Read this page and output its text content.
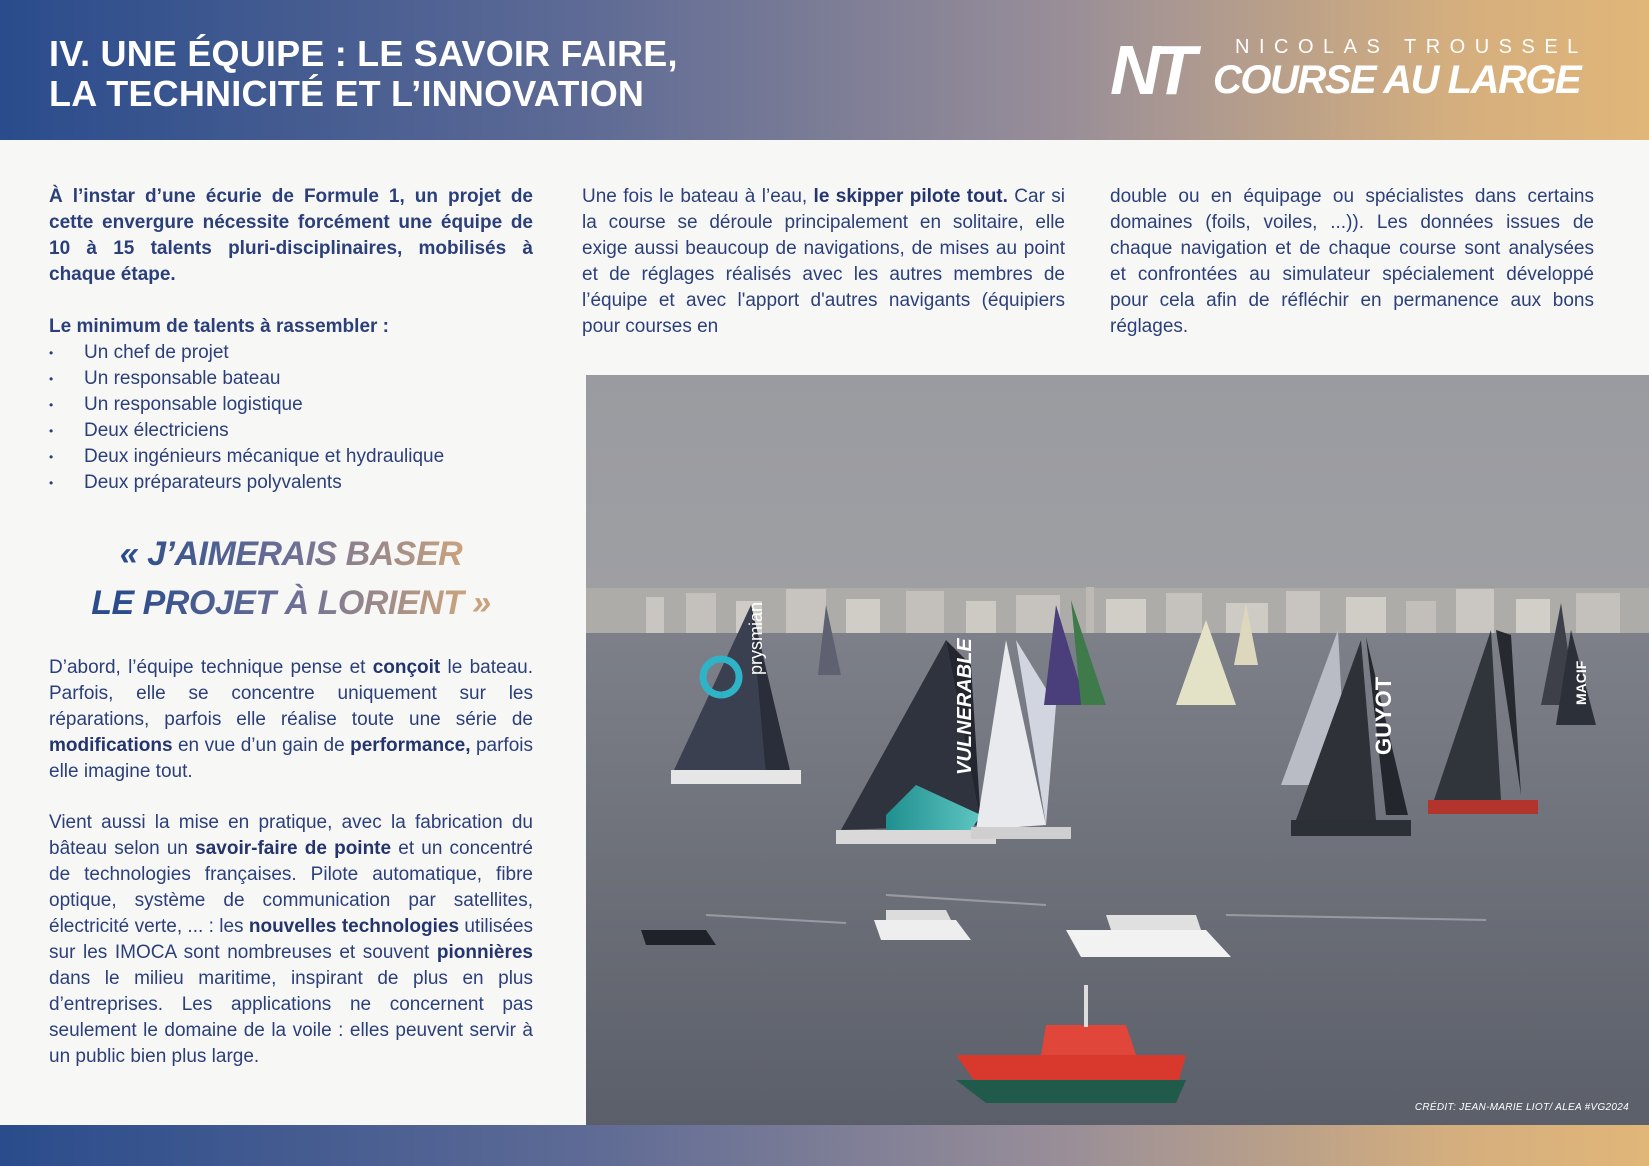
IV. UNE ÉQUIPE : LE SAVOIR FAIRE,
LA TECHNICITÉ ET L’INNOVATION	NT NICOLAS TROUSSEL
COURSE AU LARGE

À l’instar d’une écurie de Formule 1, un projet de cette envergure nécessite forcément une équipe de 10 à 15 talents pluri-disciplinaires, mobilisés à chaque étape.

Le minimum de talents à rassembler :

• Un chef de projet
• Un responsable bateau
• Un responsable logistique
• Deux électriciens
• Deux ingénieurs mécanique et hydraulique
• Deux préparateurs polyvalents
« J’AIMERAIS BASER
LE PROJET À LORIENT »

D’abord, l’équipe technique pense et conçoit le bateau. Parfois, elle se concentre uniquement sur les réparations, parfois elle réalise toute une série de modifications en vue d’un gain de performance, parfois elle imagine tout.

Vient aussi la mise en pratique, avec la fabrication du bâteau selon un savoir-faire de pointe et un concentré de technologies françaises. Pilote automatique, fibre optique, système de communication par satellites, électricité verte, ... : les nouvelles technologies utilisées sur les IMOCA sont nombreuses et souvent pionnières dans le milieu maritime, inspirant de plus en plus d’entreprises. Les applications ne concernent pas seulement le domaine de la voile : elles peuvent servir à un public bien plus large.

Une fois le bateau à l’eau, le skipper pilote tout. Car si la course se déroule principalement en solitaire, elle exige aussi beaucoup de navigations, de mises au point et de réglages réalisés avec les autres membres de l’équipe et avec l'apport d'autres navigants (équipiers pour courses en

double ou en équipage ou spécialistes dans certains domaines (foils, voiles, ...)). Les données issues de chaque navigation et de chaque course sont analysées et confrontées au simulateur spécialement développé pour cela afin de réfléchir en permanence aux bons réglages.

prysmian	VULNERABLE	GUYOT	MACIF
CRÉDIT: JEAN-MARIE LIOT/ ALEA #VG2024
